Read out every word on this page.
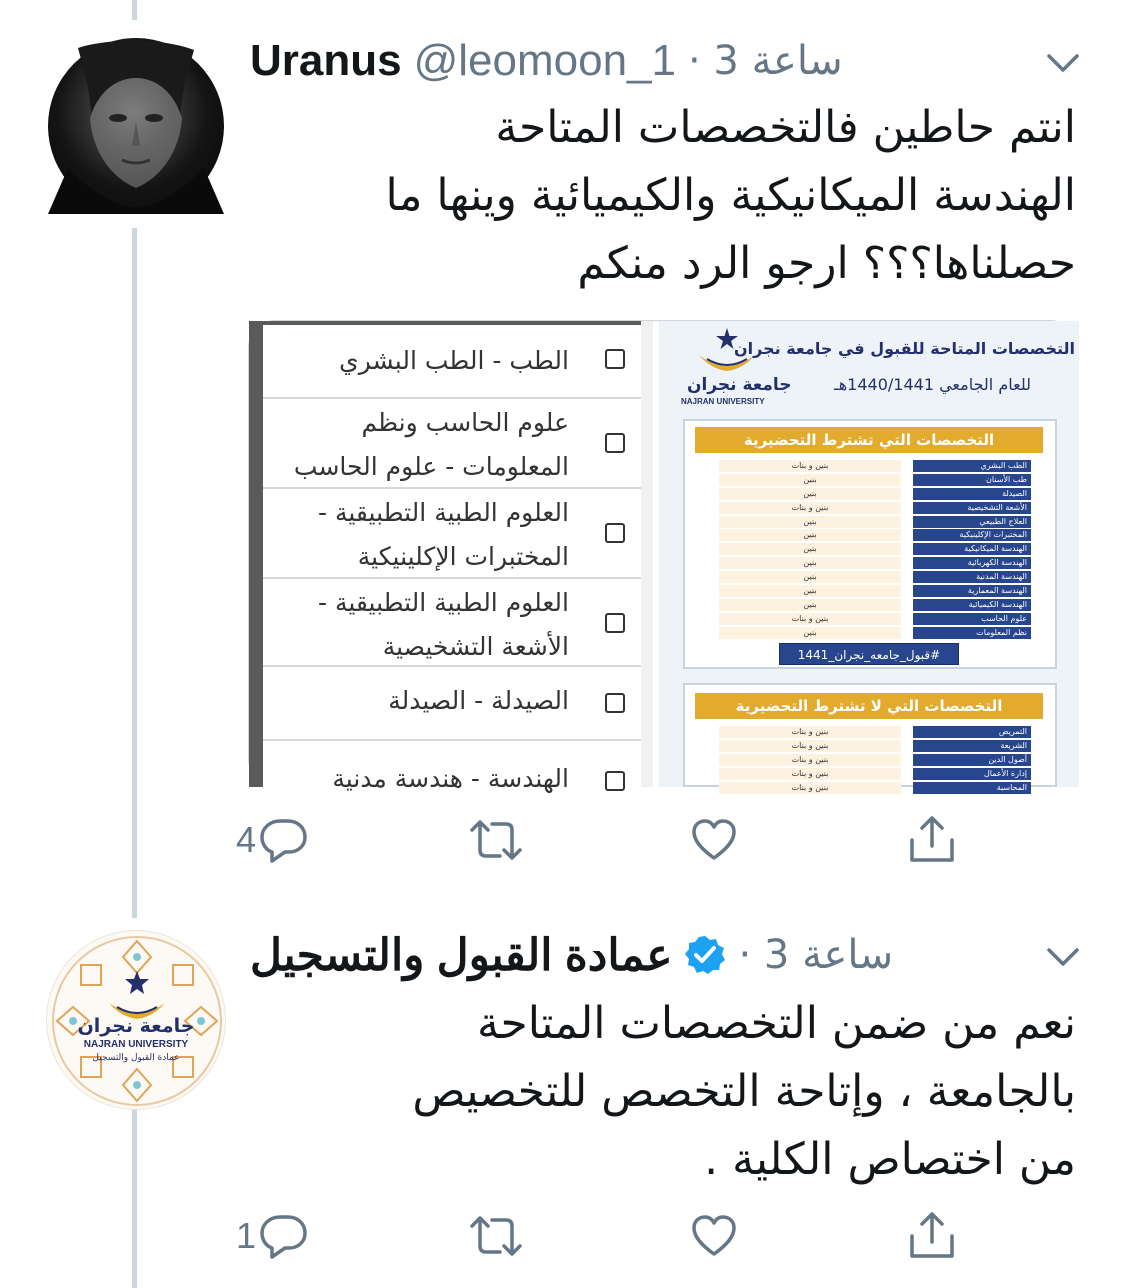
Uranus @leomoon_1 · 3 ساعة
انتم حاطين فالتخصصات المتاحة
الهندسة الميكانيكية والكيميائية وينها ما
حصلناها؟؟؟ ارجو الرد منكم
الطب - الطب البشري
علوم الحاسب ونظم المعلومات - علوم الحاسب
العلوم الطبية التطبيقية - المختبرات الإكلينيكية
العلوم الطبية التطبيقية - الأشعة التشخيصية
الصيدلة - الصيدلة
الهندسة - هندسة مدنية
جامعة نجران
NAJRAN UNIVERSITY
التخصصات المتاحة للقبول في جامعة نجران
للعام الجامعي 1440/1441هـ
التخصصات التي تشترط التحضيرية
بنين و بنات	الطب البشري
بنين	طب الأسنان
بنين	الصيدلة
بنين و بنات	الأشعة التشخيصية
بنين	العلاج الطبيعي
بنين	المختبرات الإكلينيكية
بنين	الهندسة الميكانيكية
بنين	الهندسة الكهربائية
بنين	الهندسة المدنية
بنين	الهندسة المعمارية
بنين	الهندسة الكيميائية
بنين و بنات	علوم الحاسب
بنين	نظم المعلومات
#قبول_جامعه_نجران_1441
التخصصات التي لا تشترط التحضيرية
بنين و بنات	التمريض
بنين و بنات	الشريعة
بنين و بنات	أصول الدين
بنين و بنات	إدارة الأعمال
بنين و بنات	المحاسبة
4
جامعة نجران
NAJRAN UNIVERSITY
عمادة القبول والتسجيل
عمادة القبول والتسجيل · 3 ساعة
نعم من ضمن التخصصات المتاحة
بالجامعة ، وإتاحة التخصص للتخصيص
من اختصاص الكلية .
1
